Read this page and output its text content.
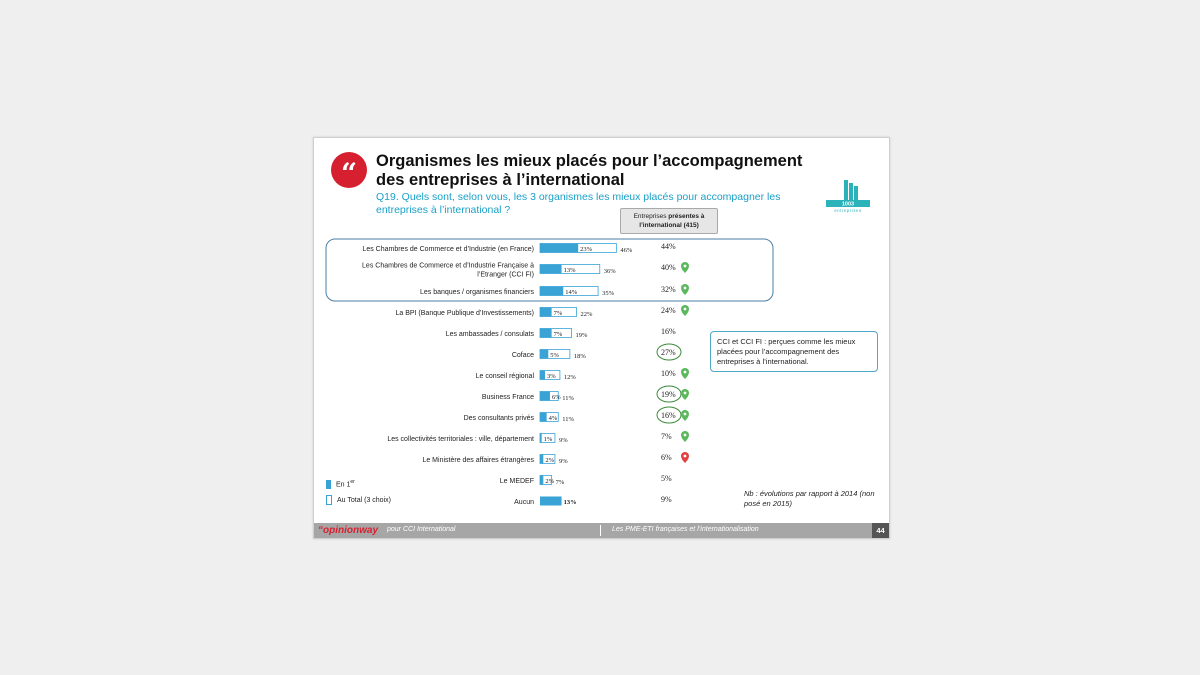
“	Organismes les mieux placés pour l’accompagnement des entreprises à l’international
Q19. Quels sont, selon vous, les 3 organismes les mieux placés pour accompagner les entreprises à l’international ?	1003
entreprises
Entreprises présentes à
l’international (415)
Les Chambres de Commerce et d’Industrie (en France)	23%	46%	44%
Les Chambres de Commerce et d’Industrie Française à
l’Etranger (CCI FI)
13%	36%	40%
Les banques / organismes financiers	14%	35%	32%
La BPI (Banque Publique d’Investissements)	7%	22%	24%
Les ambassades / consulats	7% 19%	16%
Coface	5% 18%	27%
Le conseil régional 3% 12%	10%
Business France	6% 11%	19%
Des consultants privés 4% 11%	16%
Les collectivités territoriales : ville, département 1% 9%	7%
Le Ministère des affaires étrangères 2% 9%	6%
Le MEDEF 2% 7%	5%
Aucun	13%	9%
CCI et CCI FI : perçues comme les mieux placées pour l’accompagnement des entreprises à l’international.
En 1er
Au Total (3 choix)
Nb : évolutions par rapport à 2014 (non posé en 2015)
“opinionway pour CCI International	Les PME-ETI françaises et l’internationalisation	44
